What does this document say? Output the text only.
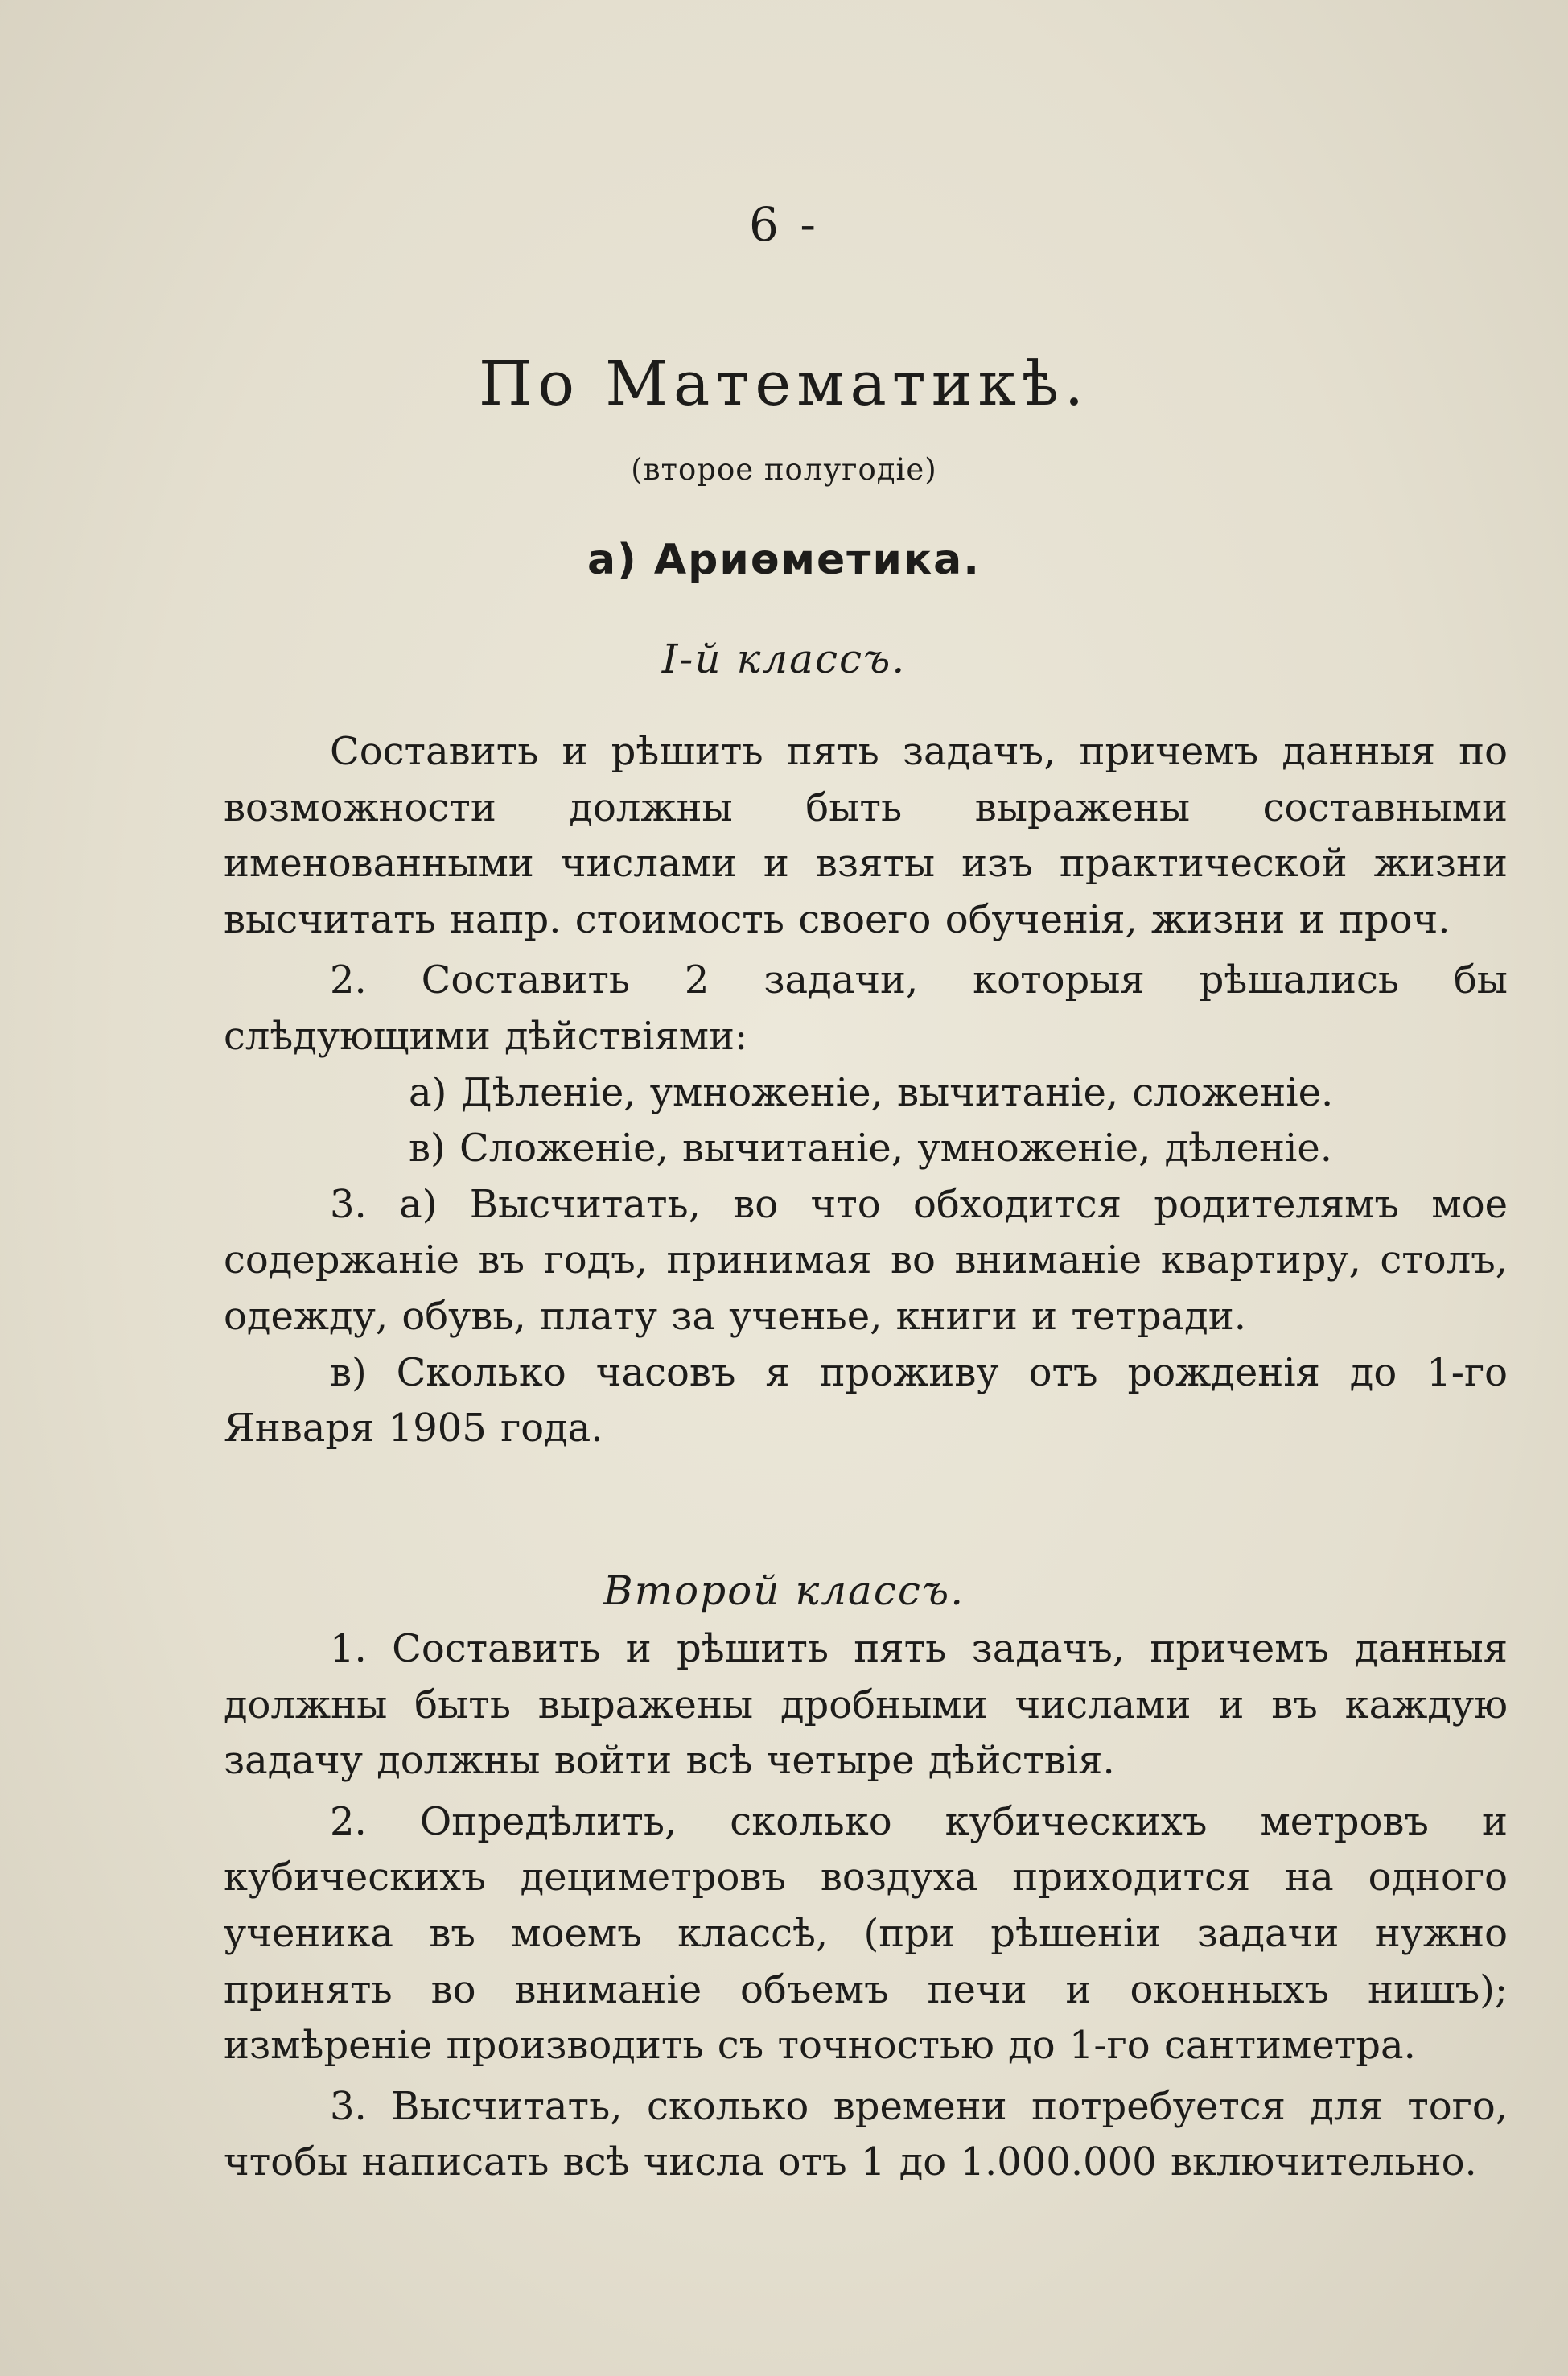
6 -
По Математикѣ.
(второе полугодіе)
а) Ариѳметика.
І-й классъ.

Составить и рѣшить пять задачъ, причемъ данныя по возможности должны быть выражены составными именованными числами и взяты изъ практической жизни высчитать напр. стоимость своего обученія, жизни и проч.

2. Составить 2 задачи, которыя рѣшались бы слѣдующими дѣйствіями:

а) Дѣленіе, умноженіе, вычитаніе, сложеніе.

в) Сложеніе, вычитаніе, умноженіе, дѣленіе.

3. а) Высчитать, во что обходится родителямъ мое содержаніе въ годъ, принимая во вниманіе квартиру, столъ, одежду, обувь, плату за ученье, книги и тетради.

в) Сколько часовъ я проживу отъ рожденія до 1-го Января 1905 года.

Второй классъ.

1. Составить и рѣшить пять задачъ, причемъ данныя должны быть выражены дробными числами и въ каждую задачу должны войти всѣ четыре дѣйствія.

2. Опредѣлить, сколько кубическихъ метровъ и кубическихъ дециметровъ воздуха приходится на одного ученика въ моемъ классѣ, (при рѣшеніи задачи нужно принять во вниманіе объемъ печи и оконныхъ нишъ); измѣреніе производить съ точностью до 1-го сантиметра.

3. Высчитать, сколько времени потребуется для того, чтобы написать всѣ числа отъ 1 до 1.000.000 включительно.
